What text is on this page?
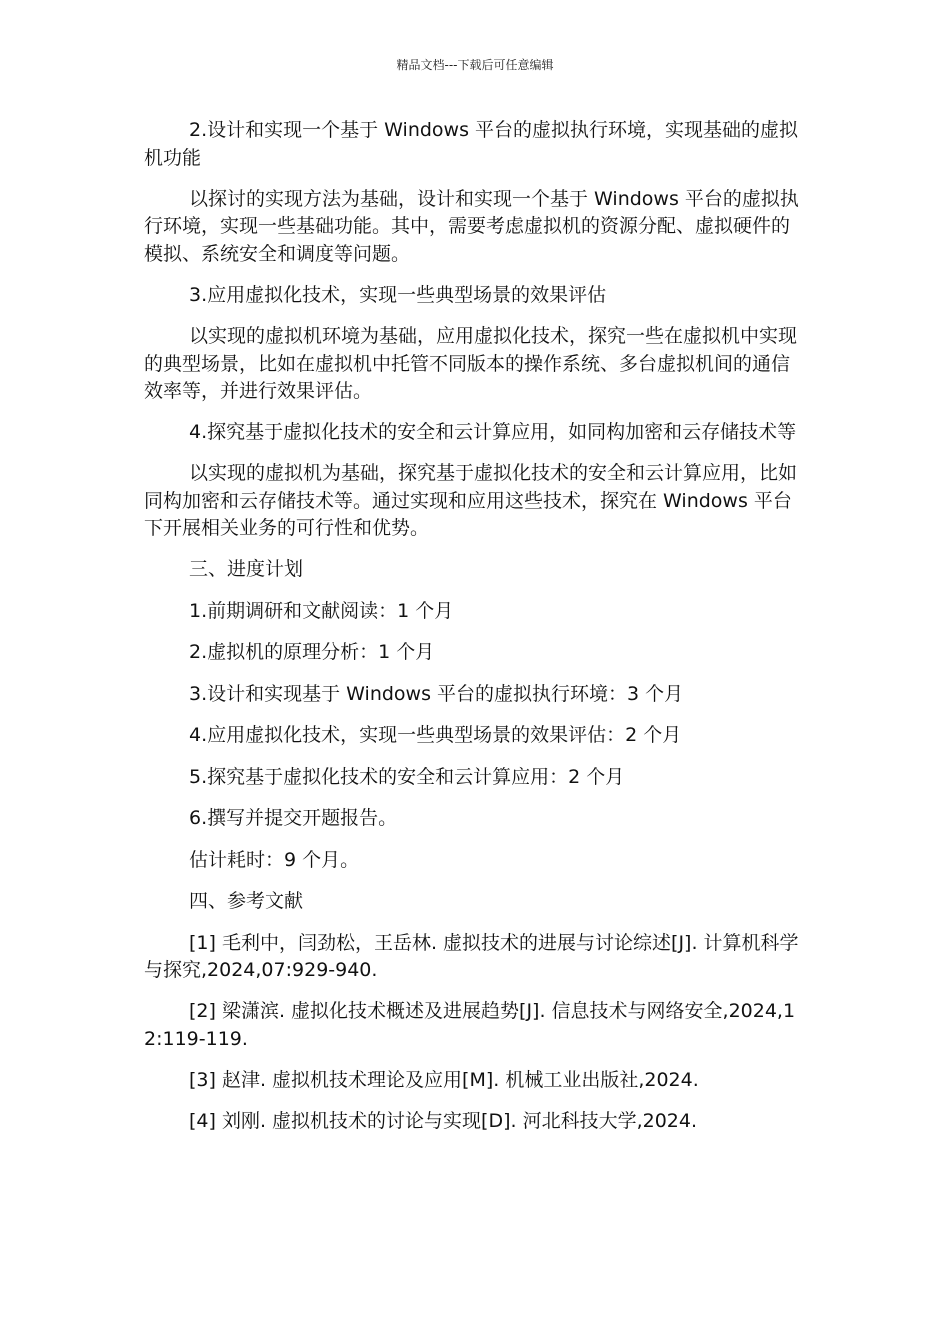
精品文档---下载后可任意编辑

2.设计和实现一个基于 Windows 平台的虚拟执行环境，实现基础的虚拟机功能

以探讨的实现方法为基础，设计和实现一个基于 Windows 平台的虚拟执行环境，实现一些基础功能。其中，需要考虑虚拟机的资源分配、虚拟硬件的模拟、系统安全和调度等问题。

3.应用虚拟化技术，实现一些典型场景的效果评估

以实现的虚拟机环境为基础，应用虚拟化技术，探究一些在虚拟机中实现的典型场景，比如在虚拟机中托管不同版本的操作系统、多台虚拟机间的通信效率等，并进行效果评估。

4.探究基于虚拟化技术的安全和云计算应用，如同构加密和云存储技术等

以实现的虚拟机为基础，探究基于虚拟化技术的安全和云计算应用，比如同构加密和云存储技术等。通过实现和应用这些技术，探究在 Windows 平台下开展相关业务的可行性和优势。

三、进度计划

1.前期调研和文献阅读：1 个月

2.虚拟机的原理分析：1 个月

3.设计和实现基于 Windows 平台的虚拟执行环境：3 个月

4.应用虚拟化技术，实现一些典型场景的效果评估：2 个月

5.探究基于虚拟化技术的安全和云计算应用：2 个月

6.撰写并提交开题报告。

估计耗时：9 个月。

四、参考文献

[1] 毛利中，闫劲松，王岳林. 虚拟技术的进展与讨论综述[J]. 计算机科学与探究,2024,07:929-940.

[2] 梁潇滨. 虚拟化技术概述及进展趋势[J]. 信息技术与网络安全,2024,12:119-119.

[3] 赵津. 虚拟机技术理论及应用[M]. 机械工业出版社,2024.

[4] 刘刚. 虚拟机技术的讨论与实现[D]. 河北科技大学,2024.
